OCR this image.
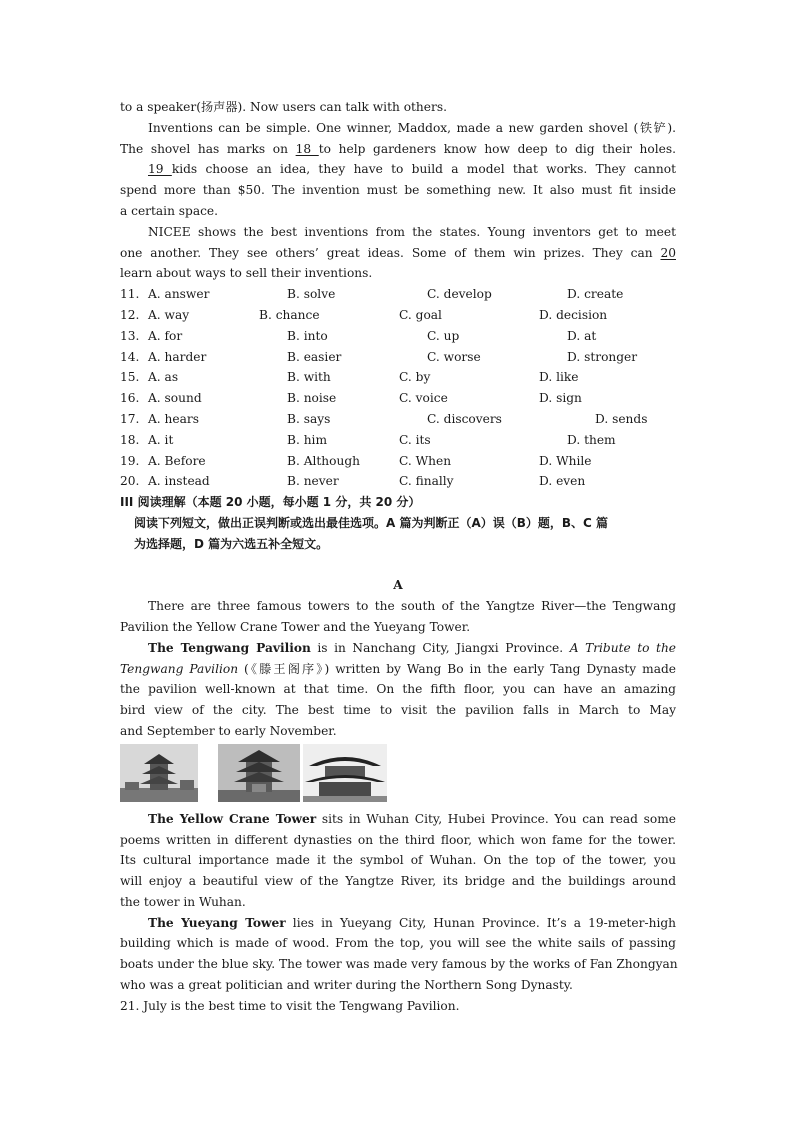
to a speaker(扬声器). Now users can talk with others.
Inventions can be simple. One winner, Maddox, made a new garden shovel (铁铲).
The shovel has marks on 18 to help gardeners know how deep to dig their holes.
19 kids choose an idea, they have to build a model that works. They cannot
spend more than $50. The invention must be something new. It also must fit inside
a certain space.
NICEE shows the best inventions from the states. Young inventors get to meet
one another. They see others’ great ideas. Some of them win prizes. They can 20
learn about ways to sell their inventions.
11. A. answer	B. solve	C. develop	D. create
12. A. way	B. chance	C. goal	D. decision
13. A. for	B. into	C. up	D. at
14. A. harder	B. easier	C. worse	D. stronger
15. A. as	B. with	C. by	D. like
16. A. sound	B. noise	C. voice	D. sign
17. A. hears	B. says	C. discovers	D. sends
18. A. it	B. him	C. its	D. them
19. A. Before	B. Although	C. When	D. While
20. A. instead	B. never	C. finally	D. even
III 阅读理解（本题 20 小题，每小题 1 分，共 20 分）
阅读下列短文，做出正误判断或选出最佳选项。A 篇为判断正（A）误（B）题，B、C 篇
为选择题，D 篇为六选五补全短文。
A
There are three famous towers to the south of the Yangtze River—the Tengwang
Pavilion the Yellow Crane Tower and the Yueyang Tower.
The Tengwang Pavilion is in Nanchang City, Jiangxi Province. A Tribute to the
Tengwang Pavilion (《滕王阁序》) written by Wang Bo in the early Tang Dynasty made
the pavilion well-known at that time. On the fifth floor, you can have an amazing
bird view of the city. The best time to visit the pavilion falls in March to May
and September to early November.
The Yellow Crane Tower sits in Wuhan City, Hubei Province. You can read some
poems written in different dynasties on the third floor, which won fame for the tower.
Its cultural importance made it the symbol of Wuhan. On the top of the tower, you
will enjoy a beautiful view of the Yangtze River, its bridge and the buildings around
the tower in Wuhan.
The Yueyang Tower lies in Yueyang City, Hunan Province. It’s a 19-meter-high
building which is made of wood. From the top, you will see the white sails of passing
boats under the blue sky. The tower was made very famous by the works of Fan Zhongyan
who was a great politician and writer during the Northern Song Dynasty.
21. July is the best time to visit the Tengwang Pavilion.
